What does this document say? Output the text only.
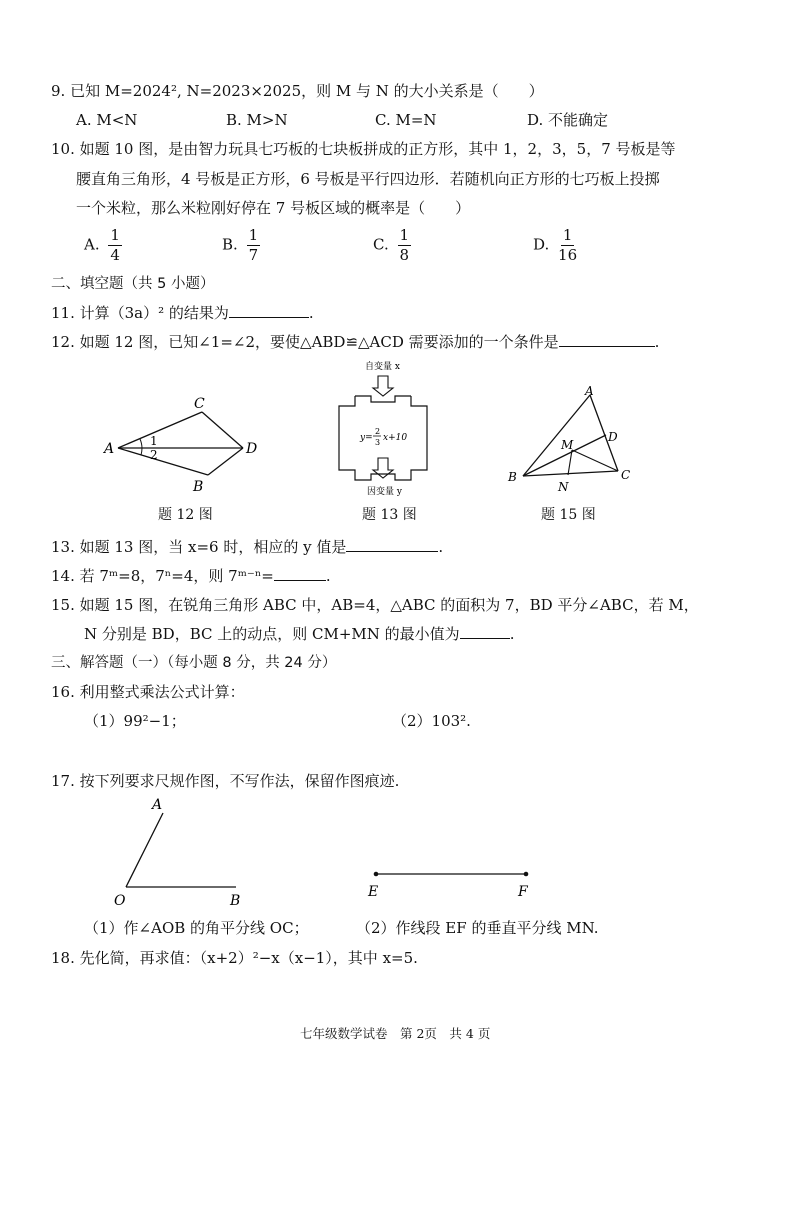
9. 已知 M=2024², N=2023×2025，则 M 与 N 的大小关系是（　　）
A. M<N	B. M>N	C. M=N	D. 不能确定
10. 如题 10 图，是由智力玩具七巧板的七块板拼成的正方形，其中 1，2，3，5，7 号板是等
腰直角三角形，4 号板是正方形，6 号板是平行四边形．若随机向正方形的七巧板上投掷
一个米粒，那么米粒刚好停在 7 号板区域的概率是（　　）
A. $\frac{1}{4}$	B. $\frac{1}{7}$	C. $\frac{1}{8}$	D. $\frac{1}{16}$
二、填空题（共 5 小题）
11. 计算（3a）² 的结果为	.
12. 如题 12 图，已知∠1=∠2，要使△ABD≌△ACD 需要添加的一个条件是	.
A
C
D
B
1
2
题 12 图
自变量 x
y=
2
3 x+10
因变量 y
题 13 图
A
B	C
D
M
N
题 15 图
13. 如题 13 图，当 x=6 时，相应的 y 值是	.
14. 若 7ᵐ=8，7ⁿ=4，则 7ᵐ⁻ⁿ=	.
15. 如题 15 图，在锐角三角形 ABC 中，AB=4，△ABC 的面积为 7，BD 平分∠ABC，若 M，
N 分别是 BD，BC 上的动点，则 CM+MN 的最小值为	.
三、解答题（一）（每小题 8 分，共 24 分）
16. 利用整式乘法公式计算：
（1）99²−1；	（2）103².
17. 按下列要求尺规作图，不写作法，保留作图痕迹.
A
O	B
E	F
（1）作∠AOB 的角平分线 OC；	（2）作线段 EF 的垂直平分线 MN.
18. 先化简，再求值：（x+2）²−x（x−1），其中 x=5.
七年级数学试卷　第 2页　共 4 页
